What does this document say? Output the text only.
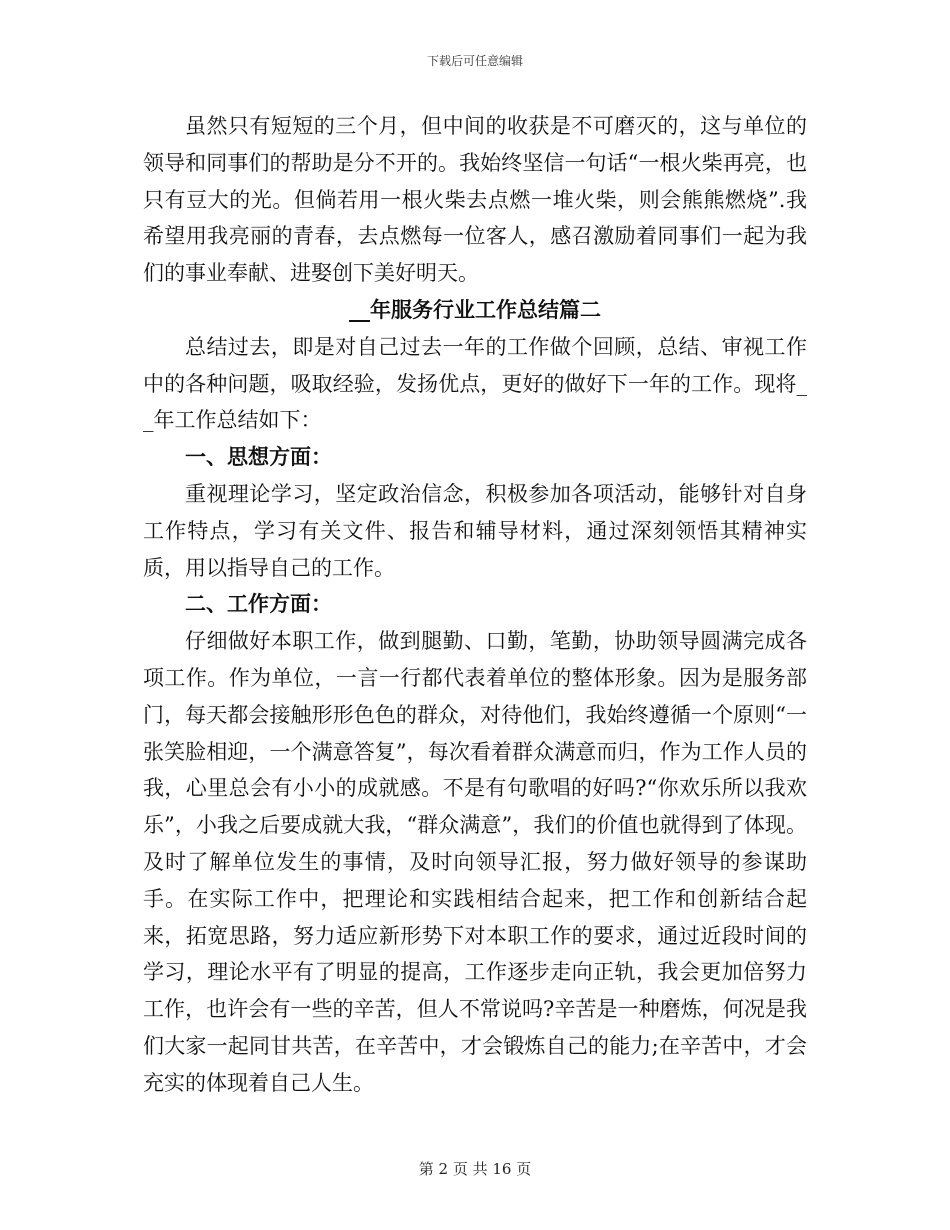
下载后可任意编辑

虽然只有短短的三个月，但中间的收获是不可磨灭的，这与单位的领导和同事们的帮助是分不开的。我始终坚信一句话“一根火柴再亮，也只有豆大的光。但倘若用一根火柴去点燃一堆火柴，则会熊熊燃烧”.我希望用我亮丽的青春，去点燃每一位客人，感召激励着同事们一起为我们的事业奉献、进娶创下美好明天。

__年服务行业工作总结篇二

总结过去，即是对自己过去一年的工作做个回顾，总结、审视工作中的各种问题，吸取经验，发扬优点，更好的做好下一年的工作。现将__年工作总结如下：

一、思想方面：

重视理论学习，坚定政治信念，积极参加各项活动，能够针对自身工作特点，学习有关文件、报告和辅导材料，通过深刻领悟其精神实质，用以指导自己的工作。

二、工作方面：

仔细做好本职工作，做到腿勤、口勤，笔勤，协助领导圆满完成各项工作。作为单位，一言一行都代表着单位的整体形象。因为是服务部门，每天都会接触形形色色的群众，对待他们，我始终遵循一个原则“一张笑脸相迎，一个满意答复”，每次看着群众满意而归，作为工作人员的我，心里总会有小小的成就感。不是有句歌唱的好吗?“你欢乐所以我欢乐”，小我之后要成就大我，“群众满意”，我们的价值也就得到了体现。及时了解单位发生的事情，及时向领导汇报，努力做好领导的参谋助手。在实际工作中，把理论和实践相结合起来，把工作和创新结合起来，拓宽思路，努力适应新形势下对本职工作的要求，通过近段时间的学习，理论水平有了明显的提高，工作逐步走向正轨，我会更加倍努力工作，也许会有一些的辛苦，但人不常说吗?辛苦是一种磨炼，何况是我们大家一起同甘共苦，在辛苦中，才会锻炼自己的能力;在辛苦中，才会充实的体现着自己人生。

第 2 页 共 16 页
